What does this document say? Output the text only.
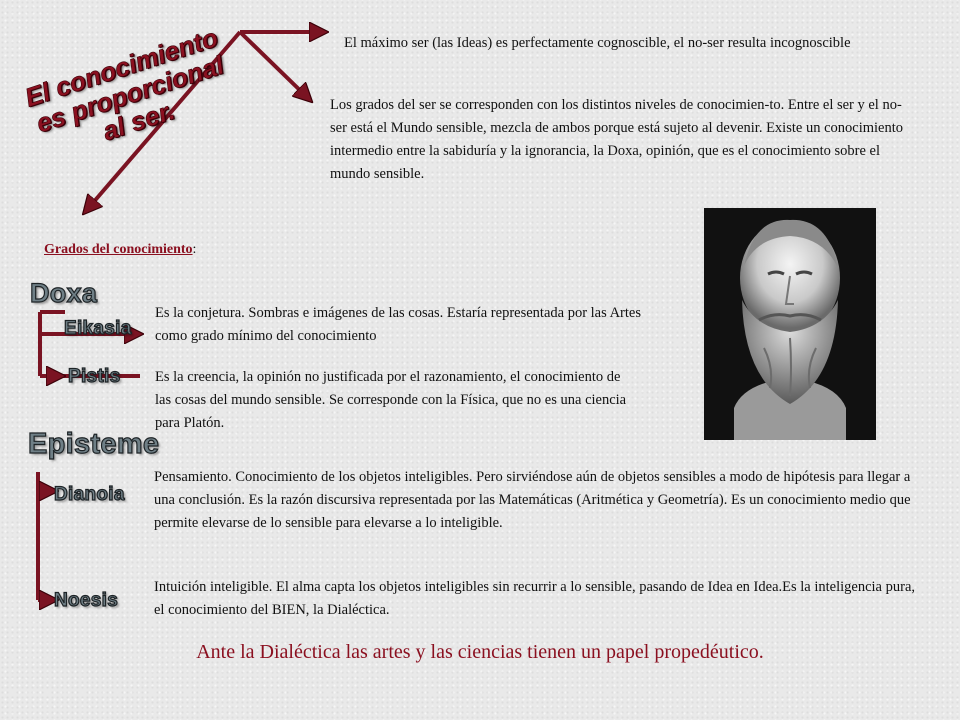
El conocimiento es proporcional al ser.

El máximo ser (las Ideas) es perfectamente cognoscible, el no-ser resulta incognoscible

Los grados del ser se corresponden con los distintos niveles de conocimien-to. Entre el ser y el no-ser está el Mundo sensible, mezcla de ambos porque está sujeto al devenir. Existe un conocimiento intermedio entre la sabiduría y la ignorancia, la Doxa, opinión, que es el conocimiento sobre el mundo sensible.

Grados del conocimiento:
Doxa
Eikasia
Pistis
Episteme
Dianoia
Noesis

Es la conjetura. Sombras e imágenes de las cosas. Estaría representada por las Artes como grado mínimo del conocimiento

Es la creencia, la opinión no justificada por el razonamiento, el conocimiento de las cosas del mundo sensible. Se corresponde con la Física, que no es una ciencia para Platón.

Pensamiento. Conocimiento de los objetos inteligibles. Pero sirviéndose aún de objetos sensibles a modo de hipótesis para llegar a una conclusión. Es la razón discursiva representada por las Matemáticas (Aritmética y Geometría). Es un conocimiento medio que permite elevarse de lo sensible para elevarse a lo inteligible.

Intuición inteligible. El alma capta los objetos inteligibles sin recurrir a lo sensible, pasando de Idea en Idea.Es la inteligencia pura, el conocimiento del BIEN, la Dialéctica.

Ante la Dialéctica las artes y las ciencias tienen un papel propedéutico.
